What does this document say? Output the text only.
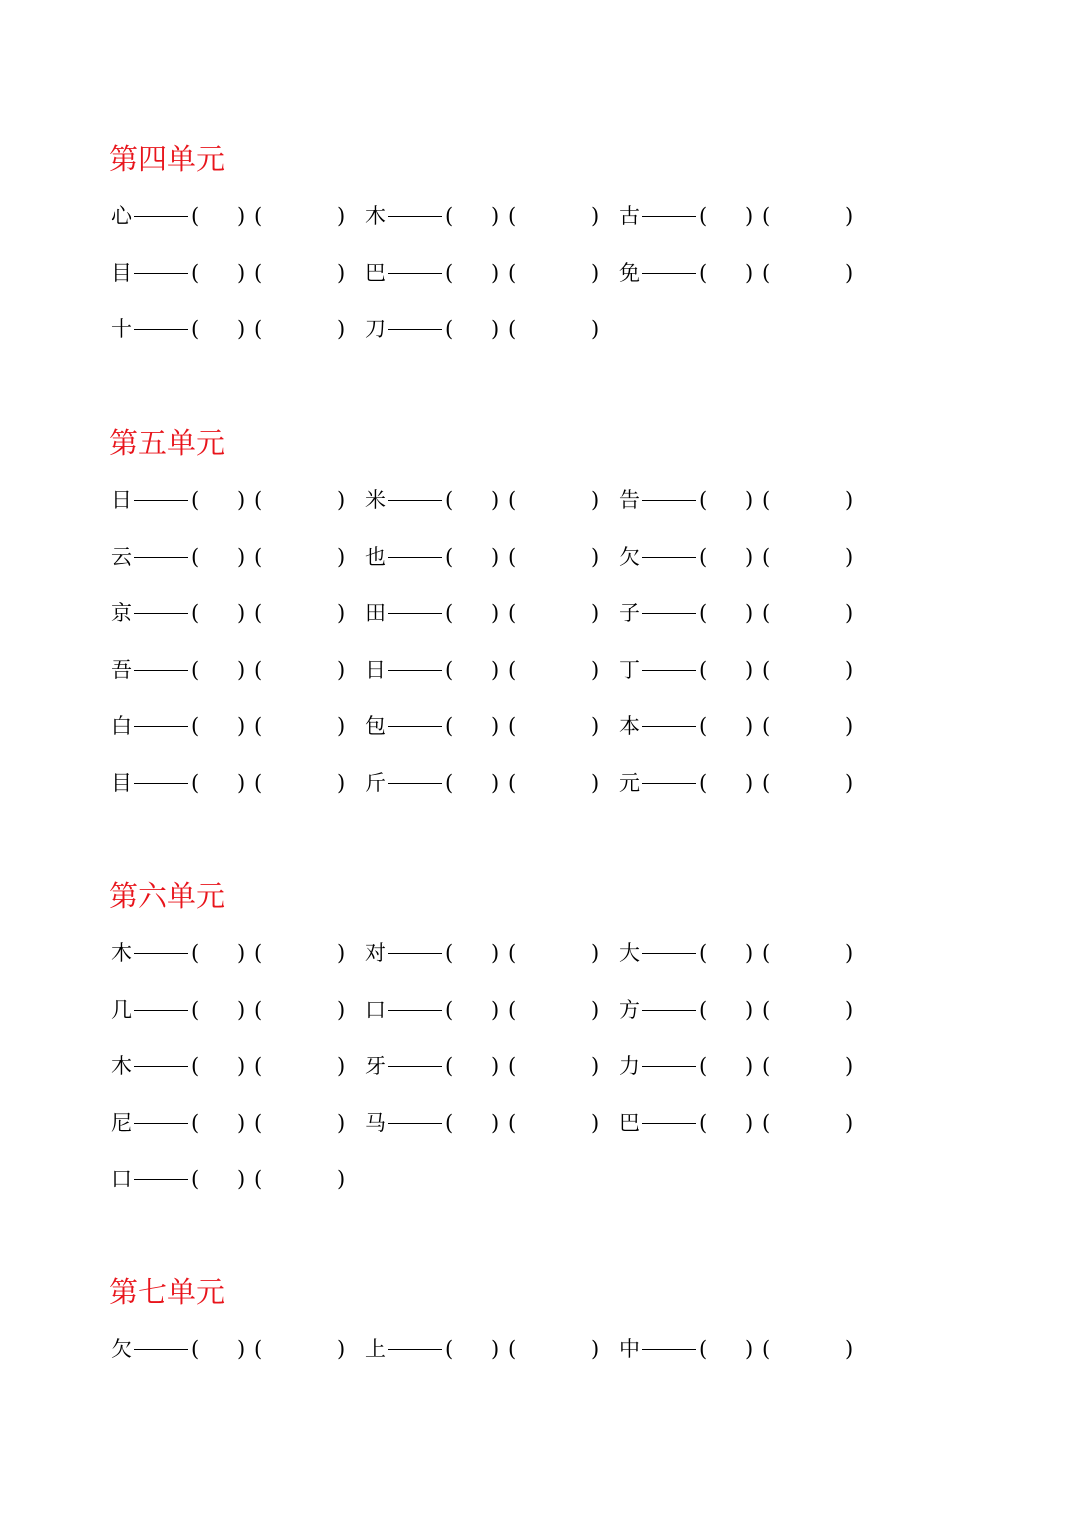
第四单元
心	( ) (	) 木	( ) (	) 古	( ) (	)
目	( ) (	) 巴	( ) (	) 免	( ) (	)
十	( ) (	) 刀	( ) (	)
第五单元
日	( ) (	) 米	( ) (	) 告	( ) (	)
云	( ) (	) 也	( ) (	) 欠	( ) (	)
京	( ) (	) 田	( ) (	) 子	( ) (	)
吾	( ) (	) 日	( ) (	) 丁	( ) (	)
白	( ) (	) 包	( ) (	) 本	( ) (	)
目	( ) (	) 斤	( ) (	) 元	( ) (	)
第六单元
木	( ) (	) 对	( ) (	) 大	( ) (	)
几	( ) (	) 口	( ) (	) 方	( ) (	)
木	( ) (	) 牙	( ) (	) 力	( ) (	)
尼	( ) (	) 马	( ) (	) 巴	( ) (	)
口	( ) (	)
第七单元
欠	( ) (	) 上	( ) (	) 中	( ) (	)
